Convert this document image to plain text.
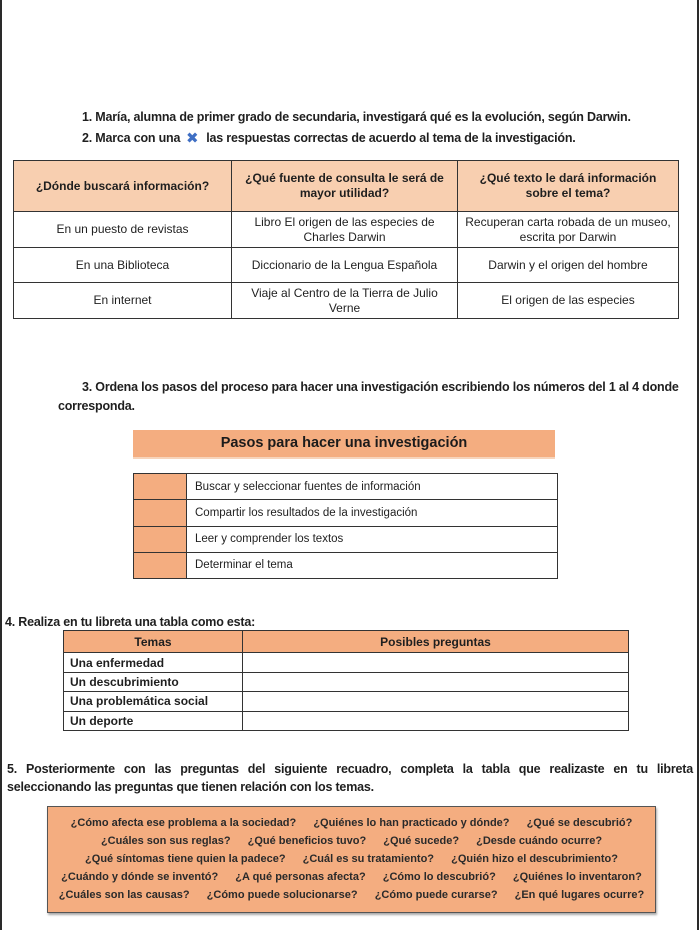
1. María, alumna de primer grado de secundaria, investigará qué es la evolución, según Darwin.
2. Marca con una ✖ las respuestas correctas de acuerdo al tema de la investigación.
¿Dónde buscará información?	¿Qué fuente de consulta le será de mayor utilidad?	¿Qué texto le dará información sobre el tema?
En un puesto de revistas	Libro El origen de las especies de Charles Darwin	Recuperan carta robada de un museo, escrita por Darwin
En una Biblioteca	Diccionario de la Lengua Española	Darwin y el origen del hombre
En internet	Viaje al Centro de la Tierra de Julio Verne	El origen de las especies
3. Ordena los pasos del proceso para hacer una investigación escribiendo los números del 1 al 4 donde
corresponda.
Pasos para hacer una investigación
	Buscar y seleccionar fuentes de información
	Compartir los resultados de la investigación
	Leer y comprender los textos
	Determinar el tema
4. Realiza en tu libreta una tabla como esta:
Temas	Posibles preguntas
Una enfermedad	
Un descubrimiento	
Una problemática social	
Un deporte	
5. Posteriormente con las preguntas del siguiente recuadro, completa la tabla que realizaste en tu libreta
seleccionando las preguntas que tienen relación con los temas.
¿Cómo afecta ese problema a la sociedad? ¿Quiénes lo han practicado y dónde? ¿Qué se descubrió?
¿Cuáles son sus reglas? ¿Qué beneficios tuvo? ¿Qué sucede? ¿Desde cuándo ocurre?
¿Qué síntomas tiene quien la padece? ¿Cuál es su tratamiento? ¿Quién hizo el descubrimiento?
¿Cuándo y dónde se inventó? ¿A qué personas afecta? ¿Cómo lo descubrió? ¿Quiénes lo inventaron?
¿Cuáles son las causas? ¿Cómo puede solucionarse? ¿Cómo puede curarse? ¿En qué lugares ocurre?
